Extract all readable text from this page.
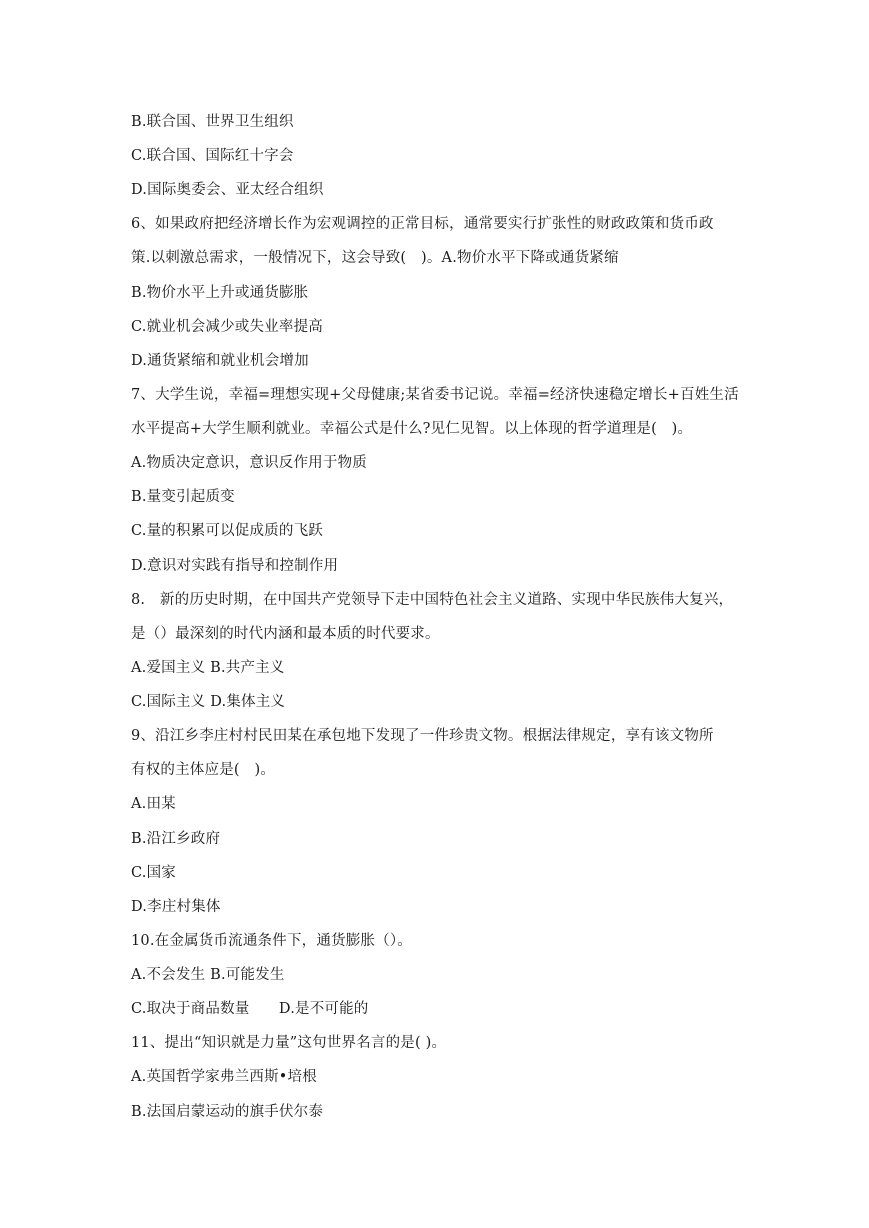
B.联合国、世界卫生组织
C.联合国、国际红十字会
D.国际奥委会、亚太经合组织
6、如果政府把经济增长作为宏观调控的正常目标，通常要实行扩张性的财政政策和货币政
策.以刺激总需求，一般情况下，这会导致(　)。A.物价水平下降或通货紧缩
B.物价水平上升或通货膨胀
C.就业机会减少或失业率提高
D.通货紧缩和就业机会增加
7、大学生说，幸福=理想实现+父母健康;某省委书记说。幸福=经济快速稳定增长+百姓生活
水平提高+大学生顺利就业。幸福公式是什么?见仁见智。以上体现的哲学道理是(　)。
A.物质决定意识，意识反作用于物质
B.量变引起质变
C.量的积累可以促成质的飞跃
D.意识对实践有指导和控制作用
8.　新的历史时期，在中国共产党领导下走中国特色社会主义道路、实现中华民族伟大复兴，
是（）最深刻的时代内涵和最本质的时代要求。
A.爱国主义 B.共产主义
C.国际主义 D.集体主义
9、沿江乡李庄村村民田某在承包地下发现了一件珍贵文物。根据法律规定，享有该文物所
有权的主体应是(　)。
A.田某
B.沿江乡政府
C.国家
D.李庄村集体
10.在金属货币流通条件下，通货膨胀（）。
A.不会发生 B.可能发生
C.取决于商品数量　　D.是不可能的
11、提出“知识就是力量”这句世界名言的是( )。
A.英国哲学家弗兰西斯•培根
B.法国启蒙运动的旗手伏尔泰
